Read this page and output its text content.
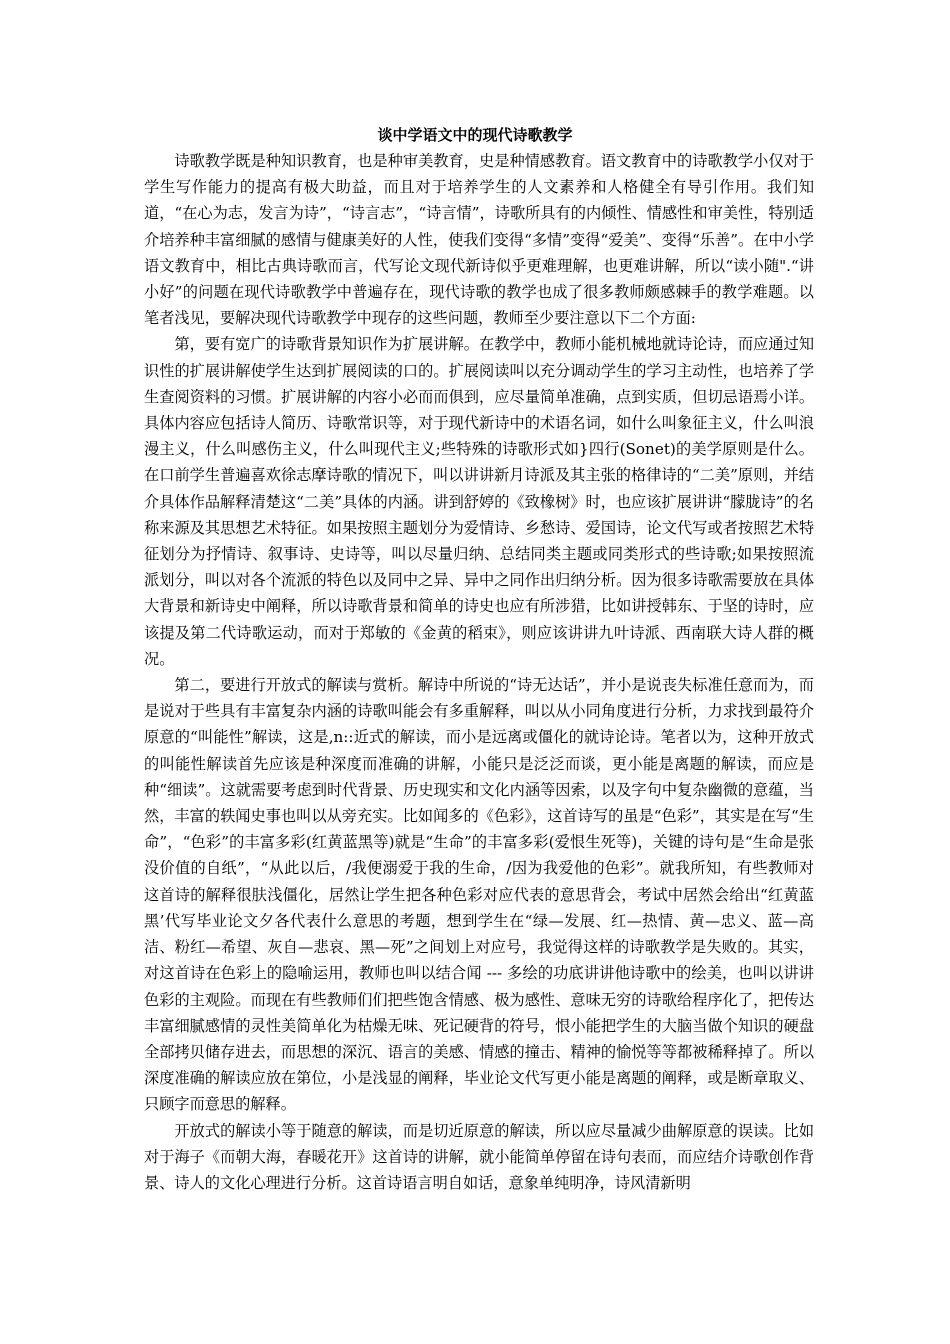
谈中学语文中的现代诗歌教学

诗歌教学既是种知识教育，也是种审美教育，史是种情感教育。语文教育中的诗歌教学小仅对于学生写作能力的提高有极大助益，而且对于培养学生的人文素养和人格健全有导引作用。我们知道，“在心为志，发言为诗”，“诗言志”，“诗言情”，诗歌所具有的内倾性、情感性和审美性，特别适介培养种丰富细腻的感情与健康美好的人性，使我们变得“多情”变得“爱美”、变得“乐善”。在中小学语文教育中，相比古典诗歌而言，代写论文现代新诗似乎更难理解，也更难讲解，所以“读小随".“讲小好”的问题在现代诗歌教学中普遍存在，现代诗歌的教学也成了很多教师颇感棘手的教学难题。以笔者浅见，要解决现代诗歌教学中现存的这些问题，教师至少要注意以下二个方面:

第，要有宽广的诗歌背景知识作为扩展讲解。在教学中，教师小能机械地就诗论诗，而应通过知识性的扩展讲解使学生达到扩展阅读的口的。扩展阅读叫以充分调动学生的学习主动性，也培养了学生查阅资料的习惯。扩展讲解的内容小必而而俱到，应尽量简单准确，点到实质，但切忌语焉小详。具体内容应包括诗人简历、诗歌常识等，对于现代新诗中的术语名词，如什么叫象征主义，什么叫浪漫主义，什么叫感伤主义，什么叫现代主义;些特殊的诗歌形式如}四行(Sonet)的美学原则是什么。在口前学生普遍喜欢徐志摩诗歌的情况下，叫以讲讲新月诗派及其主张的格律诗的“二美”原则，并结介具体作品解释清楚这“二美”具体的内涵。讲到舒婷的《致橡树》时，也应该扩展讲讲“朦胧诗”的名称来源及其思想艺术特征。如果按照主题划分为爱情诗、乡愁诗、爱国诗，论文代写或者按照艺术特征划分为抒情诗、叙事诗、史诗等，叫以尽量归纳、总结同类主题或同类形式的些诗歌;如果按照流派划分，叫以对各个流派的特色以及同中之异、异中之同作出归纳分析。因为很多诗歌需要放在具体大背景和新诗史中阐释，所以诗歌背景和简单的诗史也应有所涉猎，比如讲授韩东、于坚的诗时，应该提及第二代诗歌运动，而对于郑敏的《金黄的稻束》，则应该讲讲九叶诗派、西南联大诗人群的概况。

第二，要进行开放式的解读与赏析。解诗中所说的“诗无达话”，并小是说丧失标准任意而为，而是说对于些具有丰富复杂内涵的诗歌叫能会有多重解释，叫以从小同角度进行分析，力求找到最符介原意的“叫能性”解读，这是,n::近式的解读，而小是远离或僵化的就诗论诗。笔者以为，这种开放式的叫能性解读首先应该是种深度而准确的讲解，小能只是泛泛而谈，更小能是离题的解读，而应是 种“细读”。这就需要考虑到时代背景、历史现实和文化内涵等因索，以及字句中复杂幽微的意蕴，当然，丰富的轶闻史事也叫以从旁充实。比如闻多的《色彩》，这首诗写的虽是“色彩”，其实是在写“生命”，“色彩”的丰富多彩(红黄蓝黑等)就是“生命”的丰富多彩(爱恨生死等)，关键的诗句是“生命是张没价值的自纸”，“从此以后，/我便溺爱于我的生命，/因为我爱他的色彩”。就我所知，有些教师对这首诗的解释很肤浅僵化，居然让学生把各种色彩对应代表的意思背会，考试中居然会给出“红黄蓝黑’代写毕业论文夕各代表什么意思的考题，想到学生在“绿—发展、红—热情、黄—忠义、蓝—高洁、粉红—希望、灰自—悲哀、黑—死”之间划上对应号，我觉得这样的诗歌教学是失败的。其实， 对这首诗在色彩上的隐喻运用，教师也叫以结合闻 --- 多绘的功底讲讲他诗歌中的绘美，也叫以讲讲色彩的主观险。而现在有些教师们们把些饱含情感、极为感性、意味无穷的诗歌给程序化了，把传达丰富细腻感情的灵性美简单化为枯燥无味、死记硬背的符号，恨小能把学生的大脑当做个知识的硬盘全部拷贝储存进去，而思想的深沉、语言的美感、情感的撞击、精神的愉悦等等都被稀释掉了。所以深度准确的解读应放在第位，小是浅显的阐释，毕业论文代写更小能是离题的阐释，或是断章取义、只顾字而意思的解释。

开放式的解读小等于随意的解读，而是切近原意的解读，所以应尽量减少曲解原意的误读。比如对于海子《而朝大海，春暖花开》这首诗的讲解，就小能简单停留在诗句表而，而应结介诗歌创作背景、诗人的文化心理进行分析。这首诗语言明自如话，意象单纯明净，诗风清新明
